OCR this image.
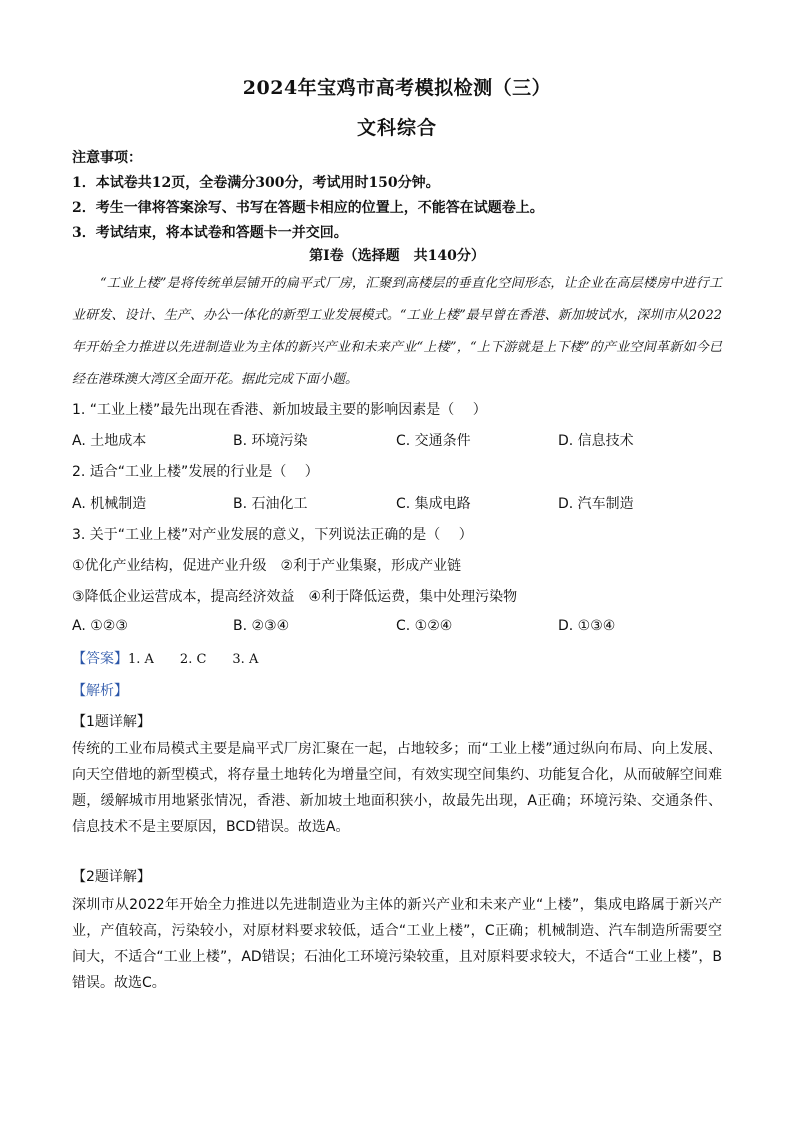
2024年宝鸡市高考模拟检测（三）
文科综合
注意事项：
1．本试卷共12页，全卷满分300分，考试用时150分钟。
2．考生一律将答案涂写、书写在答题卡相应的位置上，不能答在试题卷上。
3．考试结束，将本试卷和答题卡一并交回。
第Ⅰ卷（选择题　共140分）
“工业上楼”是将传统单层铺开的扁平式厂房，汇聚到高楼层的垂直化空间形态，让企业在高层楼房中进行工业研发、设计、生产、办公一体化的新型工业发展模式。“工业上楼”最早曾在香港、新加坡试水，深圳市从2022年开始全力推进以先进制造业为主体的新兴产业和未来产业“上楼”，“上下游就是上下楼”的产业空间革新如今已经在港珠澳大湾区全面开花。据此完成下面小题。
1. “工业上楼”最先出现在香港、新加坡最主要的影响因素是（　 ）
A. 土地成本	B. 环境污染	C. 交通条件	D. 信息技术
2. 适合“工业上楼”发展的行业是（　 ）
A. 机械制造	B. 石油化工	C. 集成电路	D. 汽车制造
3. 关于“工业上楼”对产业发展的意义，下列说法正确的是（　 ）
①优化产业结构，促进产业升级　②利于产业集聚，形成产业链
③降低企业运营成本，提高经济效益　④利于降低运费，集中处理污染物
A. ①②③	B. ②③④	C. ①②④	D. ①③④
【答案】1. A　　2. C　　3. A
【解析】
【1题详解】
传统的工业布局模式主要是扁平式厂房汇聚在一起，占地较多；而“工业上楼”通过纵向布局、向上发展、向天空借地的新型模式，将存量土地转化为增量空间，有效实现空间集约、功能复合化，从而破解空间难题，缓解城市用地紧张情况，香港、新加坡土地面积狭小，故最先出现，A正确；环境污染、交通条件、信息技术不是主要原因，BCD错误。故选A。
【2题详解】
深圳市从2022年开始全力推进以先进制造业为主体的新兴产业和未来产业“上楼”，集成电路属于新兴产业，产值较高，污染较小，对原材料要求较低，适合“工业上楼”，C正确；机械制造、汽车制造所需要空间大，不适合“工业上楼”，AD错误；石油化工环境污染较重，且对原料要求较大，不适合“工业上楼”，B错误。故选C。
